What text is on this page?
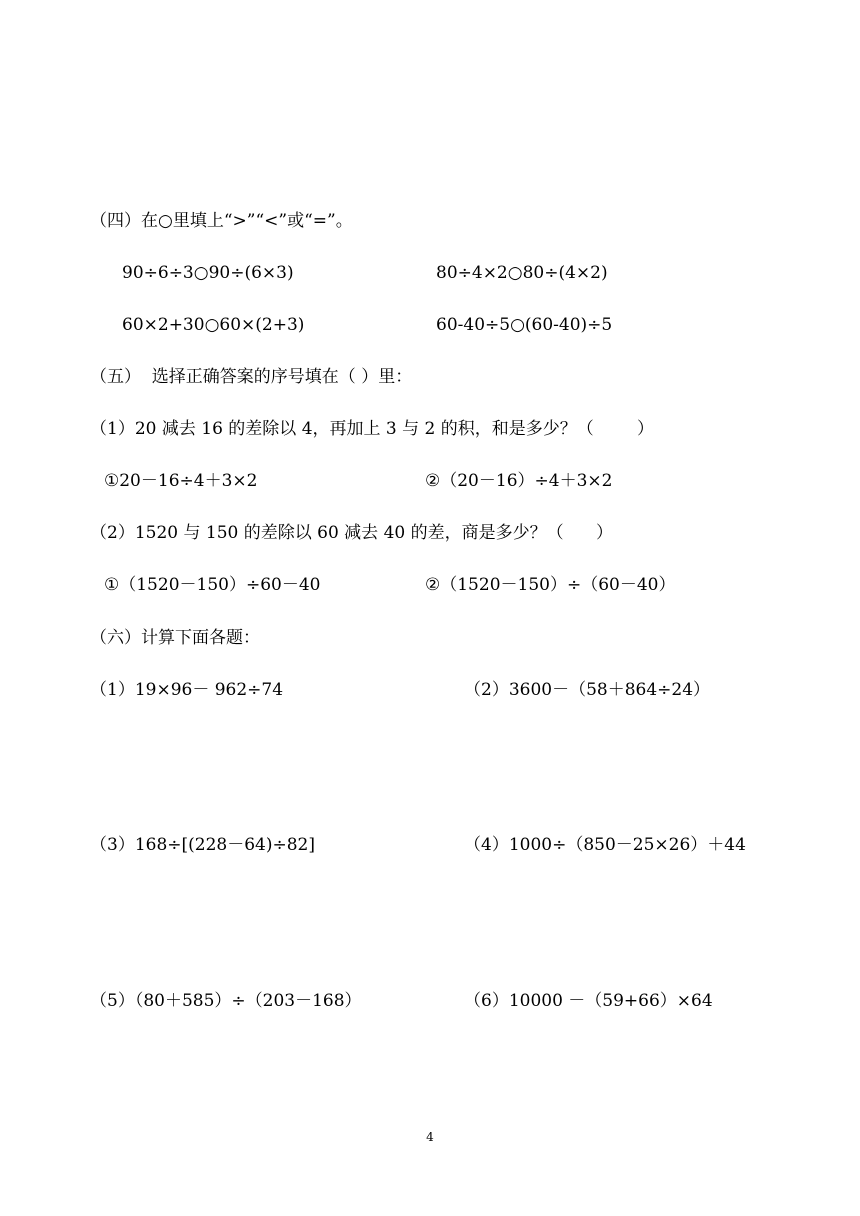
（四）在○里填上“>”“<”或“=”。
90÷6÷3○90÷(6×3)	80÷4×2○80÷(4×2)
60×2+30○60×(2+3)	60-40÷5○(60-40)÷5
（五）  选择正确答案的序号填在（ ）里：
（1）20 减去 16 的差除以 4，再加上 3 与 2 的积，和是多少？（        ）
①20－16÷4＋3×2	②（20－16）÷4＋3×2
（2）1520 与 150 的差除以 60 减去 40 的差，商是多少？（      ）
①（1520－150）÷60－40	②（1520－150）÷（60－40）
（六）计算下面各题：
（1）19×96－ 962÷74	（2）3600－（58＋864÷24）
（3）168÷[(228－64)÷82]	（4）1000÷（850－25×26）＋44
（5）（80＋585）÷（203－168）	（6）10000 －（59+66）×64
4
